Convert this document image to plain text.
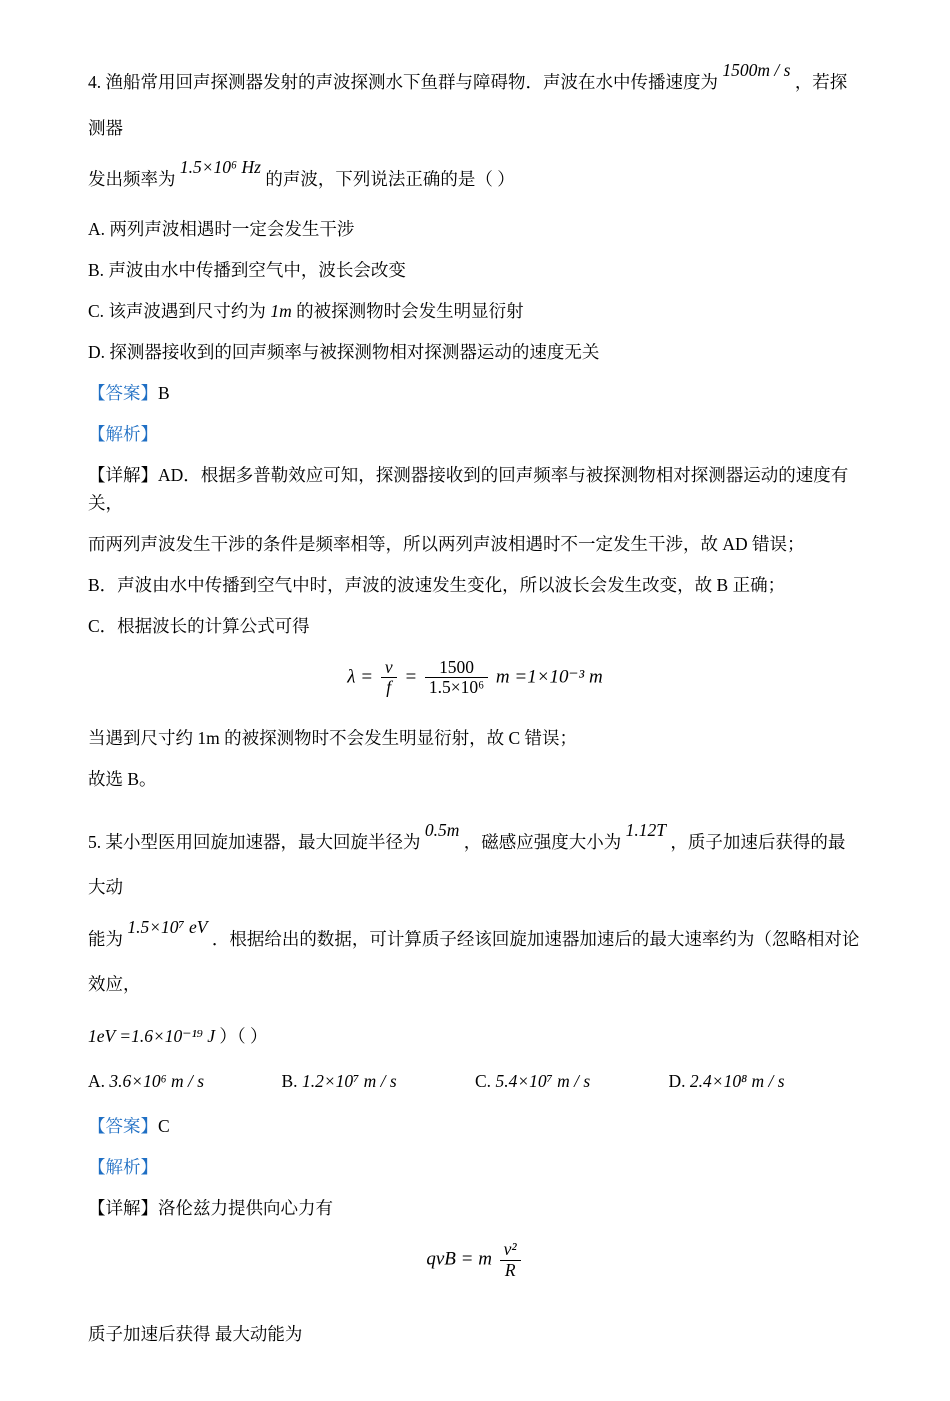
4. 渔船常用回声探测器发射的声波探测水下鱼群与障碍物．声波在水中传播速度为 1500m / s ，若探测器
发出频率为 1.5×10⁶ Hz 的声波，下列说法正确的是（ ）
A. 两列声波相遇时一定会发生干涉
B. 声波由水中传播到空气中，波长会改变
C. 该声波遇到尺寸约为 1m 的被探测物时会发生明显衍射
D. 探测器接收到的回声频率与被探测物相对探测器运动的速度无关
【答案】B
【解析】
【详解】AD．根据多普勒效应可知，探测器接收到的回声频率与被探测物相对探测器运动的速度有关，
而两列声波发生干涉的条件是频率相等，所以两列声波相遇时不一定发生干涉，故 AD 错误；
B．声波由水中传播到空气中时，声波的波速发生变化，所以波长会发生改变，故 B 正确；
C．根据波长的计算公式可得
$\lambda = \frac{v}{f} = \frac{1500}{\text{1.5×10⁶}}$ m =1×10⁻³ m
当遇到尺寸约 1m 的被探测物时不会发生明显衍射，故 C 错误；
故选 B。
5. 某小型医用回旋加速器，最大回旋半径为 0.5m ，磁感应强度大小为 1.12T ，质子加速后获得的最大动
能为 1.5×10⁷ eV ．根据给出的数据，可计算质子经该回旋加速器加速后的最大速率约为（忽略相对论效应，
1eV =1.6×10⁻¹⁹ J ）（ ）
A. 3.6×10⁶ m / s	B. 1.2×10⁷ m / s	C. 5.4×10⁷ m / s	D. 2.4×10⁸ m / s
【答案】C
【解析】
【详解】洛伦兹力提供向心力有
qvB = m $\frac{\text{v²}}{R}$
质子加速后获得 最大动能为
